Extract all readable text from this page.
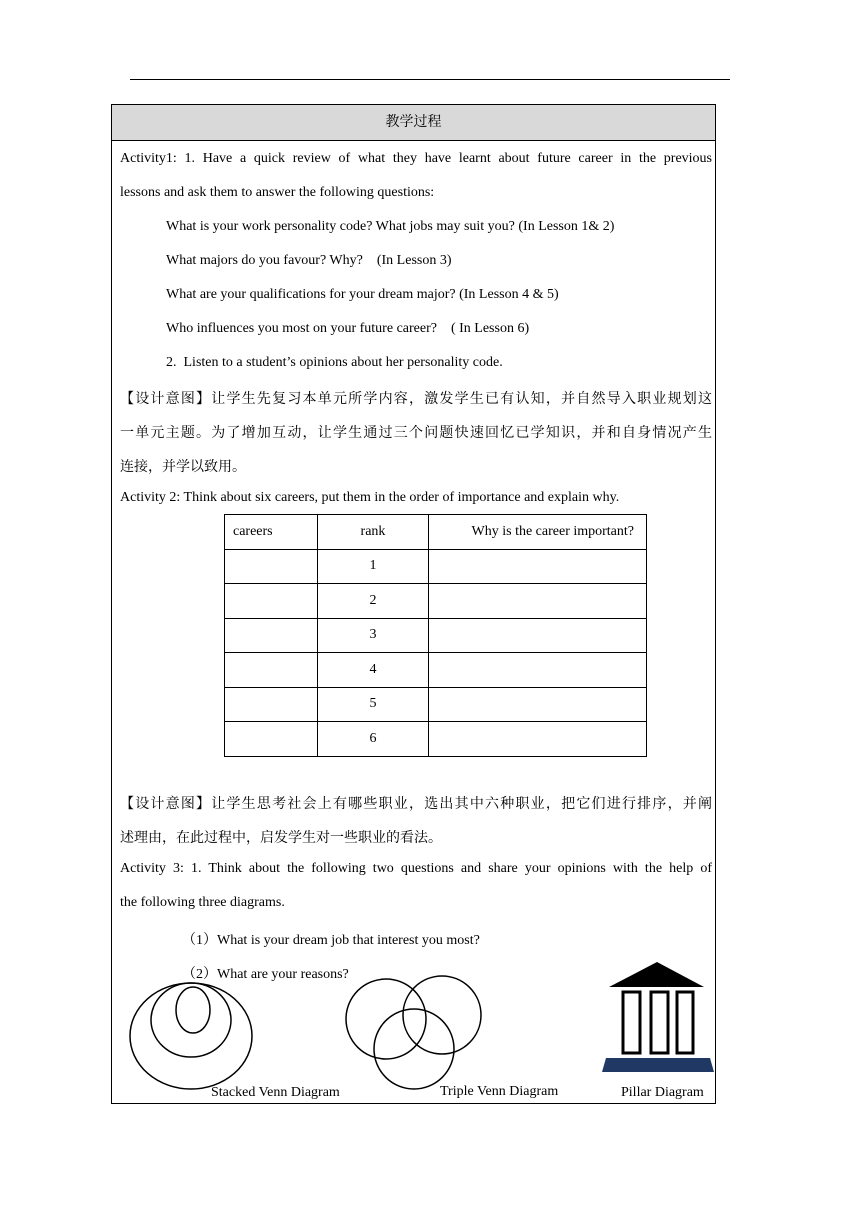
教学过程
Activity1: 1. Have a quick review of what they have learnt about future career in the previous
lessons and ask them to answer the following questions:
What is your work personality code? What jobs may suit you? (In Lesson 1& 2)
What majors do you favour? Why?    (In Lesson 3)
What are your qualifications for your dream major? (In Lesson 4 & 5)
Who influences you most on your future career?    ( In Lesson 6)
2.  Listen to a student’s opinions about her personality code.
【设计意图】让学生先复习本单元所学内容，激发学生已有认知，并自然导入职业规划这
一单元主题。为了增加互动，让学生通过三个问题快速回忆已学知识，并和自身情况产生
连接，并学以致用。
Activity 2: Think about six careers, put them in the order of importance and explain why.
careers	rank	Why is the career important?
	1	
	2	
	3	
	4	
	5	
	6	
【设计意图】让学生思考社会上有哪些职业，选出其中六种职业，把它们进行排序，并阐
述理由，在此过程中，启发学生对一些职业的看法。
Activity 3: 1. Think about the following two questions and share your opinions with the help of
the following three diagrams.
（1）What is your dream job that interest you most?
（2）What are your reasons?
Stacked Venn Diagram	Triple Venn Diagram	Pillar Diagram
